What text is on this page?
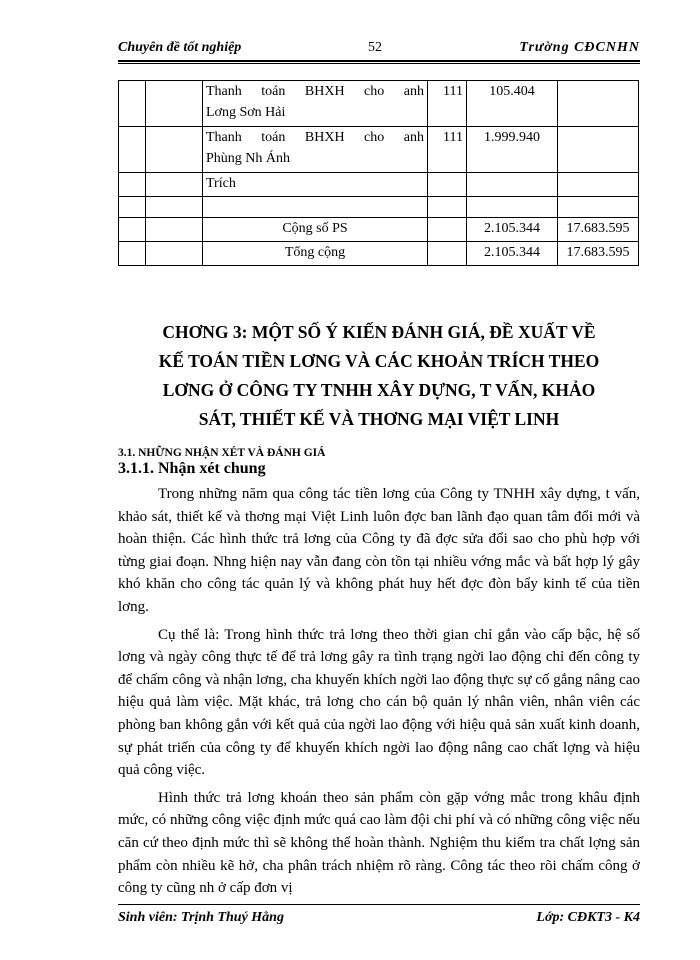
Chuyên đề tốt nghiệp	52	Trường CĐCNHN

		Thanh toán BHXH cho anh
Lơng Sơn Hải	111	105.404	

		Thanh toán BHXH cho anh
Phùng Nh Ánh	111	1.999.940	
		Trích			

		Cộng số PS		2.105.344	17.683.595
		Tổng cộng		2.105.344	17.683.595
CHƠNG 3: MỘT SỐ Ý KIẾN ĐÁNH GIÁ, ĐỀ XUẤT VỀ
KẾ TOÁN TIỀN LƠNG VÀ CÁC KHOẢN TRÍCH THEO
LƠNG Ở CÔNG TY TNHH XÂY DỰNG, T VẤN, KHẢO
SÁT, THIẾT KẾ VÀ THƠNG MẠI VIỆT LINH
3.1. NHỮNG NHẬN XÉT VÀ ĐÁNH GIÁ
3.1.1. Nhận xét chung

Trong những năm qua công tác tiền lơng của Công ty TNHH xây dựng, t vấn, khảo sát, thiết kế và thơng mại Việt Linh luôn đợc ban lãnh đạo quan tâm đổi mới và hoàn thiện. Các hình thức trả lơng của Công ty đã đợc sửa đổi sao cho phù hợp với từng giai đoạn. Nhng hiện nay vẫn đang còn tồn tại nhiều vớng mắc và bất hợp lý gây khó khăn cho công tác quản lý và không phát huy hết đợc đòn bẩy kinh tế của tiền lơng.

Cụ thể là: Trong hình thức trả lơng theo thời gian chỉ gắn vào cấp bậc, hệ số lơng và ngày công thực tế để trả lơng gây ra tình trạng ngời lao động chỉ đến công ty để chấm công và nhận lơng, cha khuyến khích ngời lao động thực sự cố gắng nâng cao hiệu quả làm việc. Mặt khác, trả lơng cho cán bộ quản lý nhân viên, nhân viên các phòng ban không gắn với kết quả của ngời lao động với hiệu quả sản xuất kinh doanh, sự phát triển của công ty để khuyến khích ngời lao động nâng cao chất lợng và hiệu quả công việc.

Hình thức trả lơng khoán theo sản phẩm còn gặp vớng mắc trong khâu định mức, có những công việc định mức quá cao làm đội chi phí và có những công việc nếu căn cứ theo định mức thì sẽ không thể hoàn thành. Nghiệm thu kiểm tra chất lợng sản phẩm còn nhiều kẽ hở, cha phân trách nhiệm rõ ràng. Công tác theo rõi chấm công ở công ty cũng nh ở cấp đơn vị

Sinh viên: Trịnh Thuý Hằng	Lớp: CĐKT3 - K4
